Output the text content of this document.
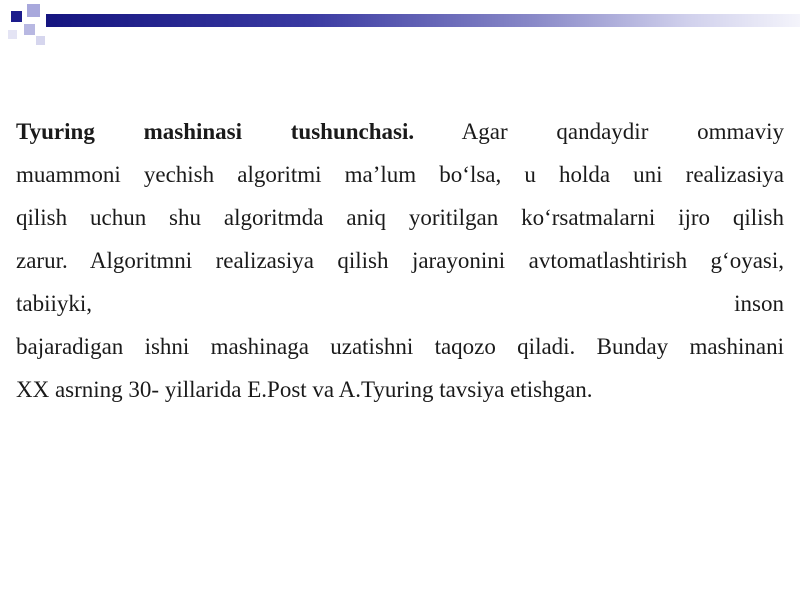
Tyuring mashinasi tushunchasi. Agar qandaydir ommaviy
muammoni yechish algoritmi ma’lum bo‘lsa, u holda uni realizasiya
qilish uchun shu algoritmda aniq yoritilgan ko‘rsatmalarni ijro qilish
zarur. Algoritmni realizasiya qilish jarayonini avtomatlashtirish g‘oyasi,
tabiiyki,	inson
bajaradigan ishni mashinaga uzatishni taqozo qiladi. Bunday mashinani
XX asrning 30- yillarida E.Post va A.Tyuring tavsiya etishgan.
